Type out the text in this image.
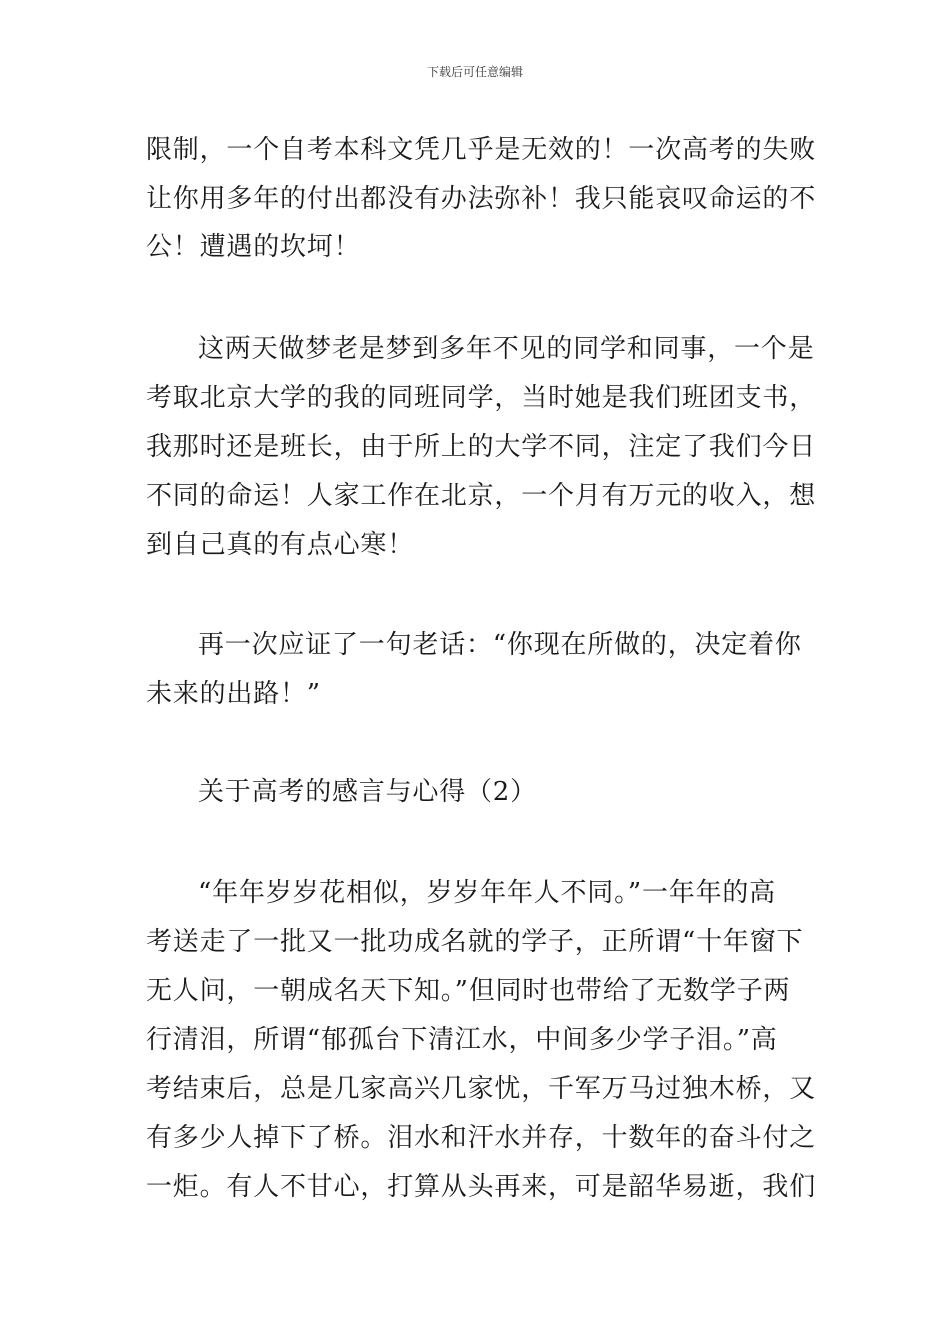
下载后可任意编辑
限制，一个自考本科文凭几乎是无效的！一次高考的失败
让你用多年的付出都没有办法弥补！我只能哀叹命运的不
公！遭遇的坎坷！
这两天做梦老是梦到多年不见的同学和同事，一个是
考取北京大学的我的同班同学，当时她是我们班团支书，
我那时还是班长，由于所上的大学不同，注定了我们今日
不同的命运！人家工作在北京，一个月有万元的收入，想
到自己真的有点心寒！
再一次应证了一句老话：“你现在所做的，决定着你
未来的出路！”
关于高考的感言与心得（2）
“年年岁岁花相似，岁岁年年人不同。”一年年的高
考送走了一批又一批功成名就的学子，正所谓“十年窗下
无人问，一朝成名天下知。”但同时也带给了无数学子两
行清泪，所谓“郁孤台下清江水，中间多少学子泪。”高
考结束后，总是几家高兴几家忧，千军万马过独木桥，又
有多少人掉下了桥。泪水和汗水并存，十数年的奋斗付之
一炬。有人不甘心，打算从头再来，可是韶华易逝，我们
